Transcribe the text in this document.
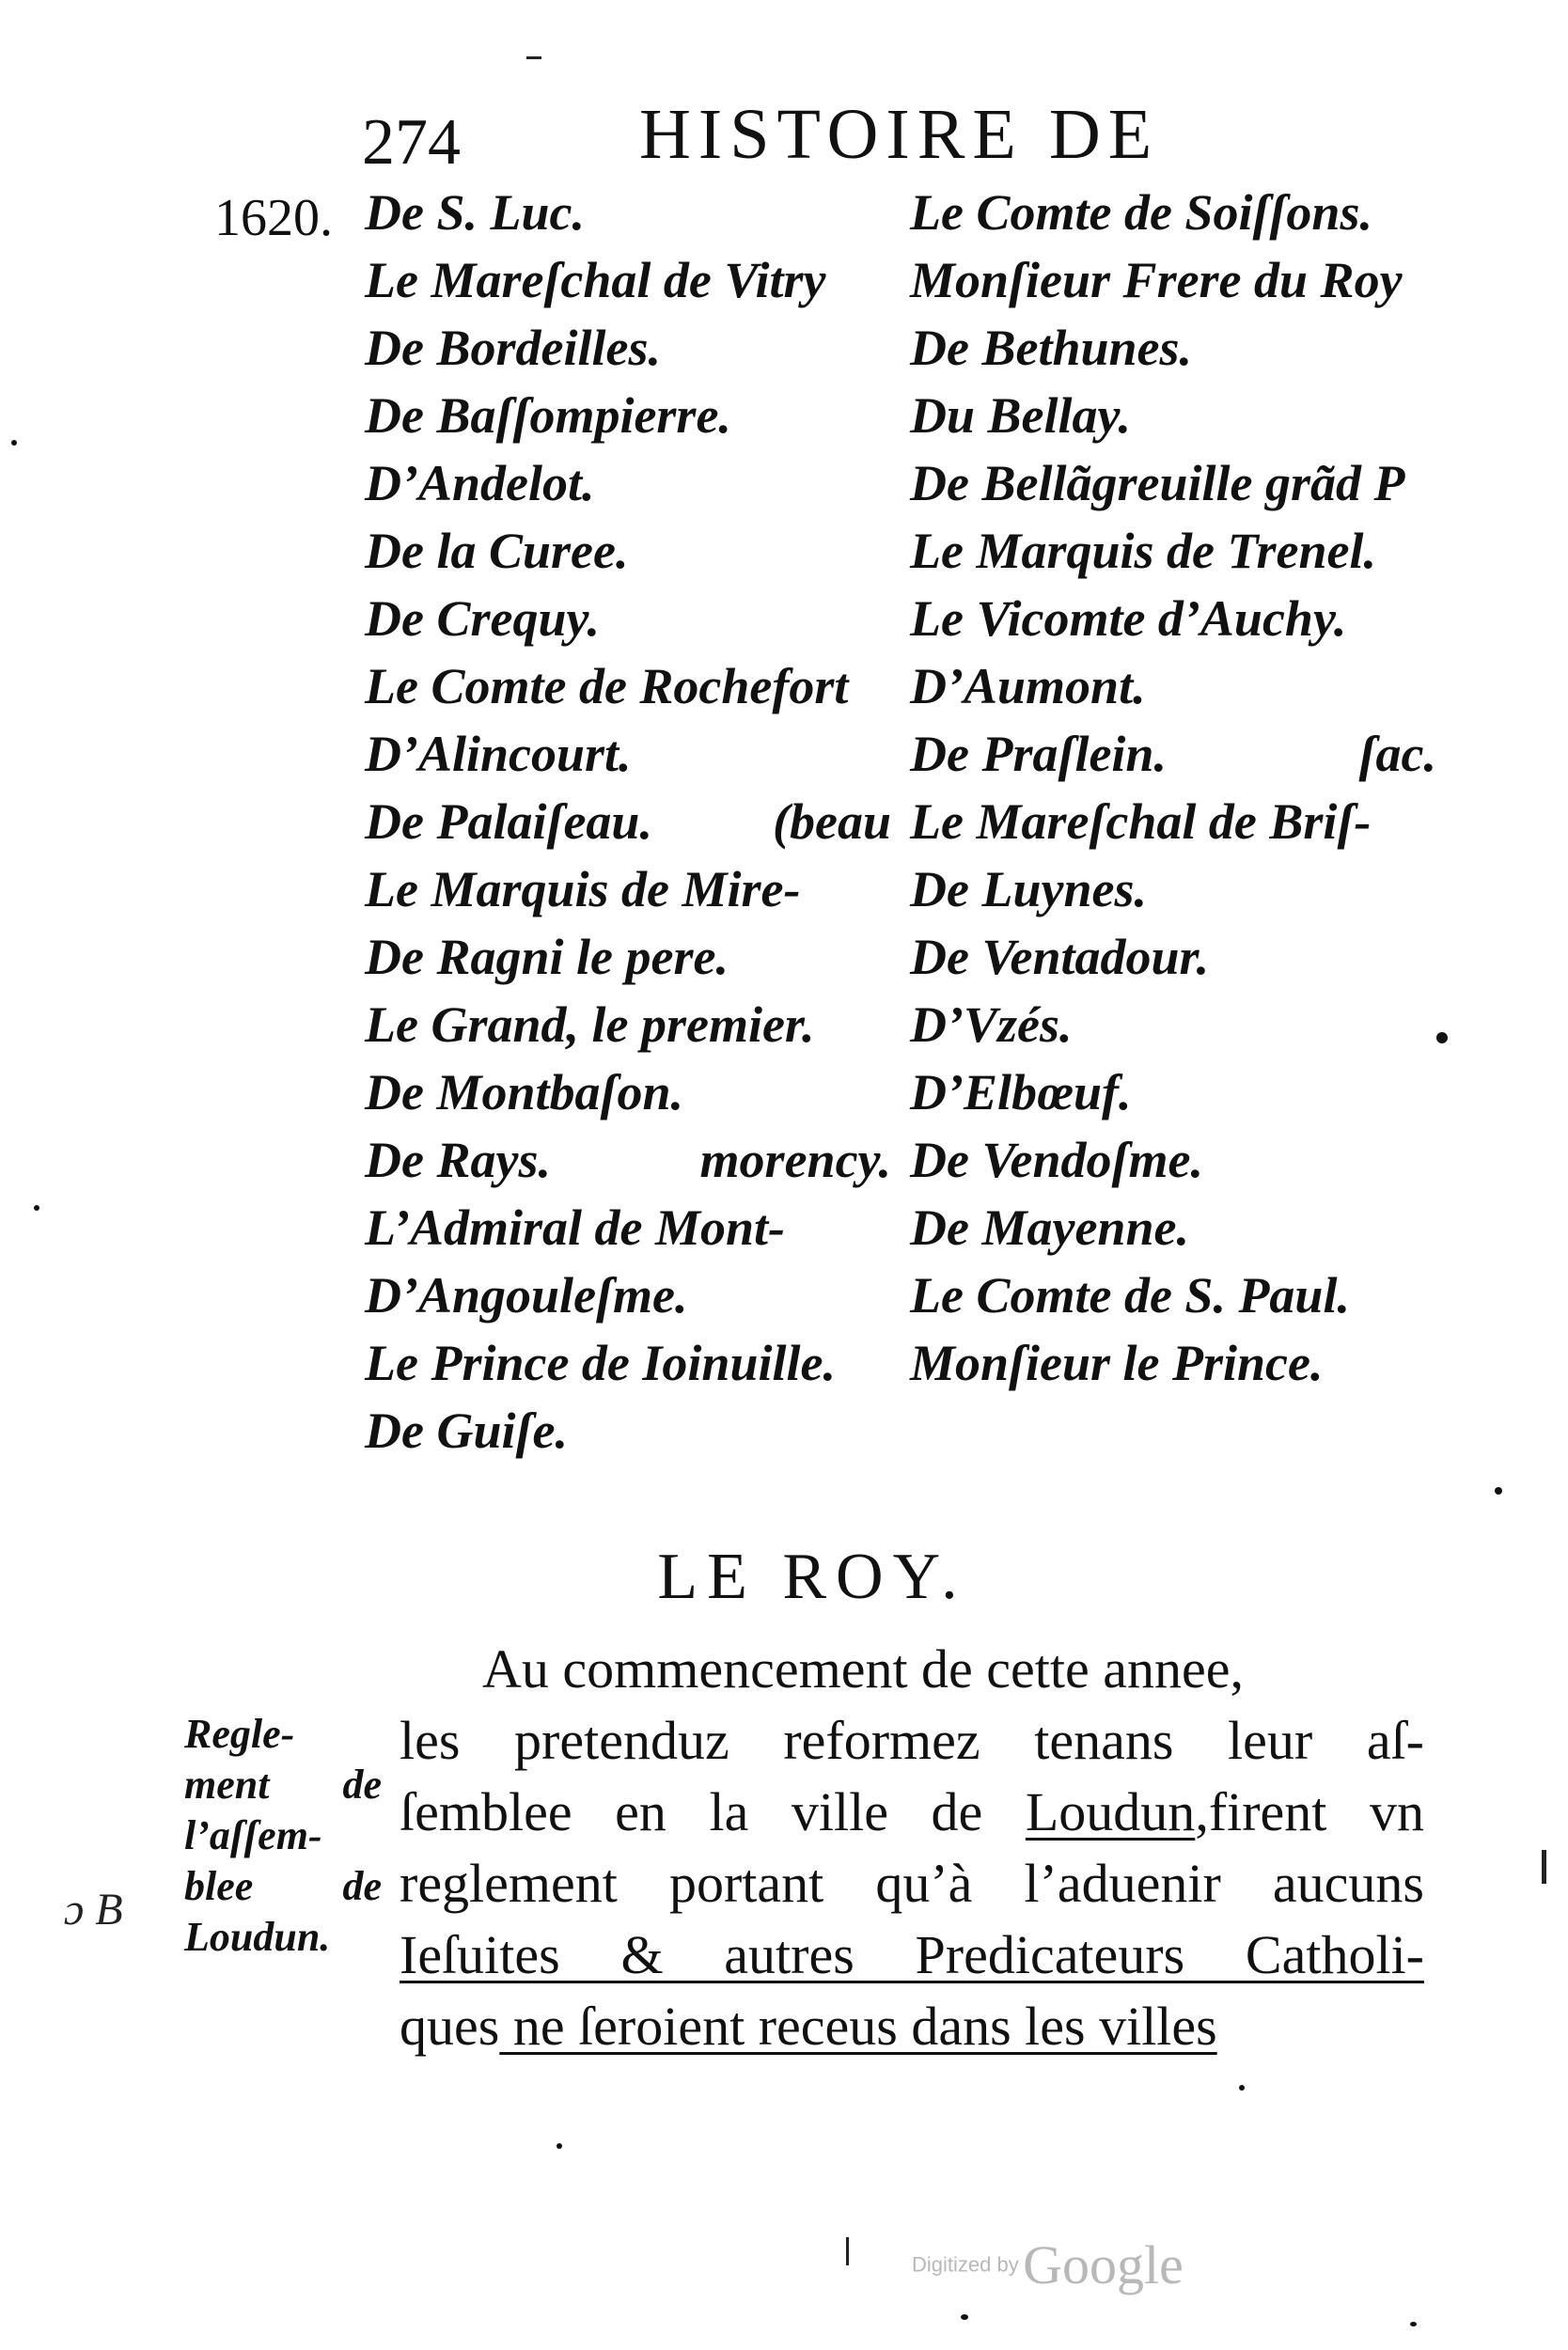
274	HISTOIRE DE
1620. De S. Luc.
Le Mareſchal de Vitry
De Bordeilles.
De Baſſompierre.
D’Andelot.
De la Curee.
De Crequy.
Le Comte de Rochefort
D’Alincourt.
De Palaiſeau. (beau
Le Marquis de Mire-
De Ragni le pere.
Le Grand, le premier.
De Montbaſon.
De Rays.	morency.
L’Admiral de Mont-
D’Angouleſme.
Le Prince de Ioinuille.
De Guiſe.
Le Comte de Soiſſons.
Monſieur Frere du Roy
De Bethunes.
Du Bellay.
De Bellãgreuille grãd P
Le Marquis de Trenel.
Le Vicomte d’Auchy.
D’Aumont.
De Praſlein.	ſac.
Le Mareſchal de Briſ-
De Luynes.
De Ventadour.
D’Vzés.
D’Elbœuf.
De Vendoſme.
De Mayenne.
Le Comte de S. Paul.
Monſieur le Prince.
LE ROY.
Regle-
ment de
l’aſſem-
blee de
Loudun.
ɔ B
Au commencement de cette annee,
les pretenduz reformez tenans leur aſ-
ſemblee en la ville de Loudun,firent vn
reglement portant qu’à l’aduenir aucuns
Ieſuites & autres Predicateurs Catholi-
ques ne ſeroient receus dans les villes
Digitized by Google
